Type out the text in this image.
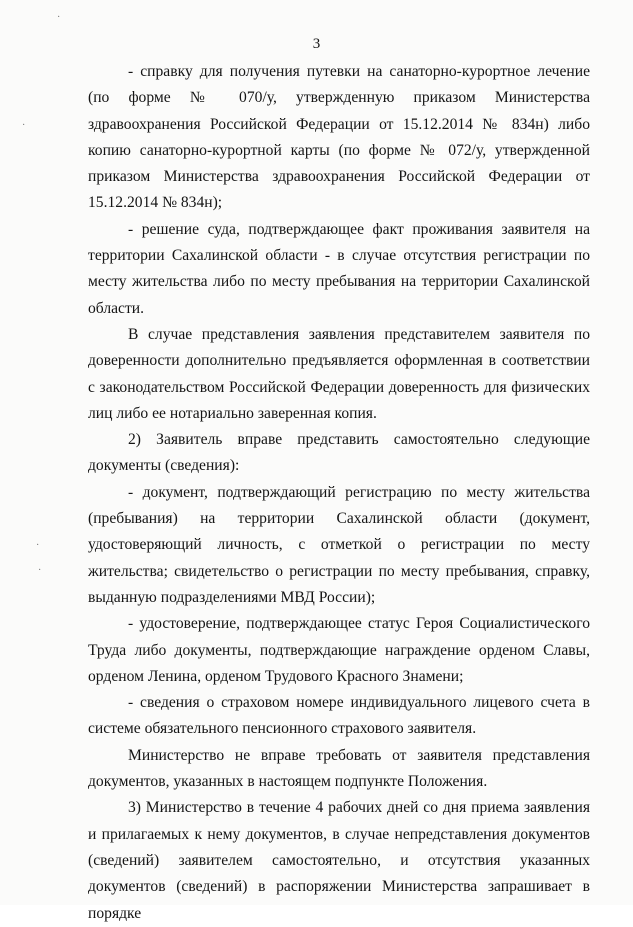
3
·
·
·
·

- справку для получения путевки на санаторно-курортное лечение (по форме № 070/у, утвержденную приказом Министерства здравоохранения Российской Федерации от 15.12.2014 № 834н) либо копию санаторно-курортной карты (по форме № 072/у, утвержденной приказом Министерства здравоохранения Российской Федерации от 15.12.2014 № 834н);

- решение суда, подтверждающее факт проживания заявителя на территории Сахалинской области - в случае отсутствия регистрации по месту жительства либо по месту пребывания на территории Сахалинской области.

В случае представления заявления представителем заявителя по доверенности дополнительно предъявляется оформленная в соответствии с законодательством Российской Федерации доверенность для физических лиц либо ее нотариально заверенная копия.

2) Заявитель вправе представить самостоятельно следующие документы (сведения):

- документ, подтверждающий регистрацию по месту жительства (пребывания) на территории Сахалинской области (документ, удостоверяющий личность, с отметкой о регистрации по месту жительства; свидетельство о регистрации по месту пребывания, справку, выданную подразделениями МВД России);

- удостоверение, подтверждающее статус Героя Социалистического Труда либо документы, подтверждающие награждение орденом Славы, орденом Ленина, орденом Трудового Красного Знамени;

- сведения о страховом номере индивидуального лицевого счета в системе обязательного пенсионного страхового заявителя.

Министерство не вправе требовать от заявителя представления документов, указанных в настоящем подпункте Положения.

3) Министерство в течение 4 рабочих дней со дня приема заявления и прилагаемых к нему документов, в случае непредставления документов (сведений) заявителем самостоятельно, и отсутствия указанных документов (сведений) в распоряжении Министерства запрашивает в порядке
